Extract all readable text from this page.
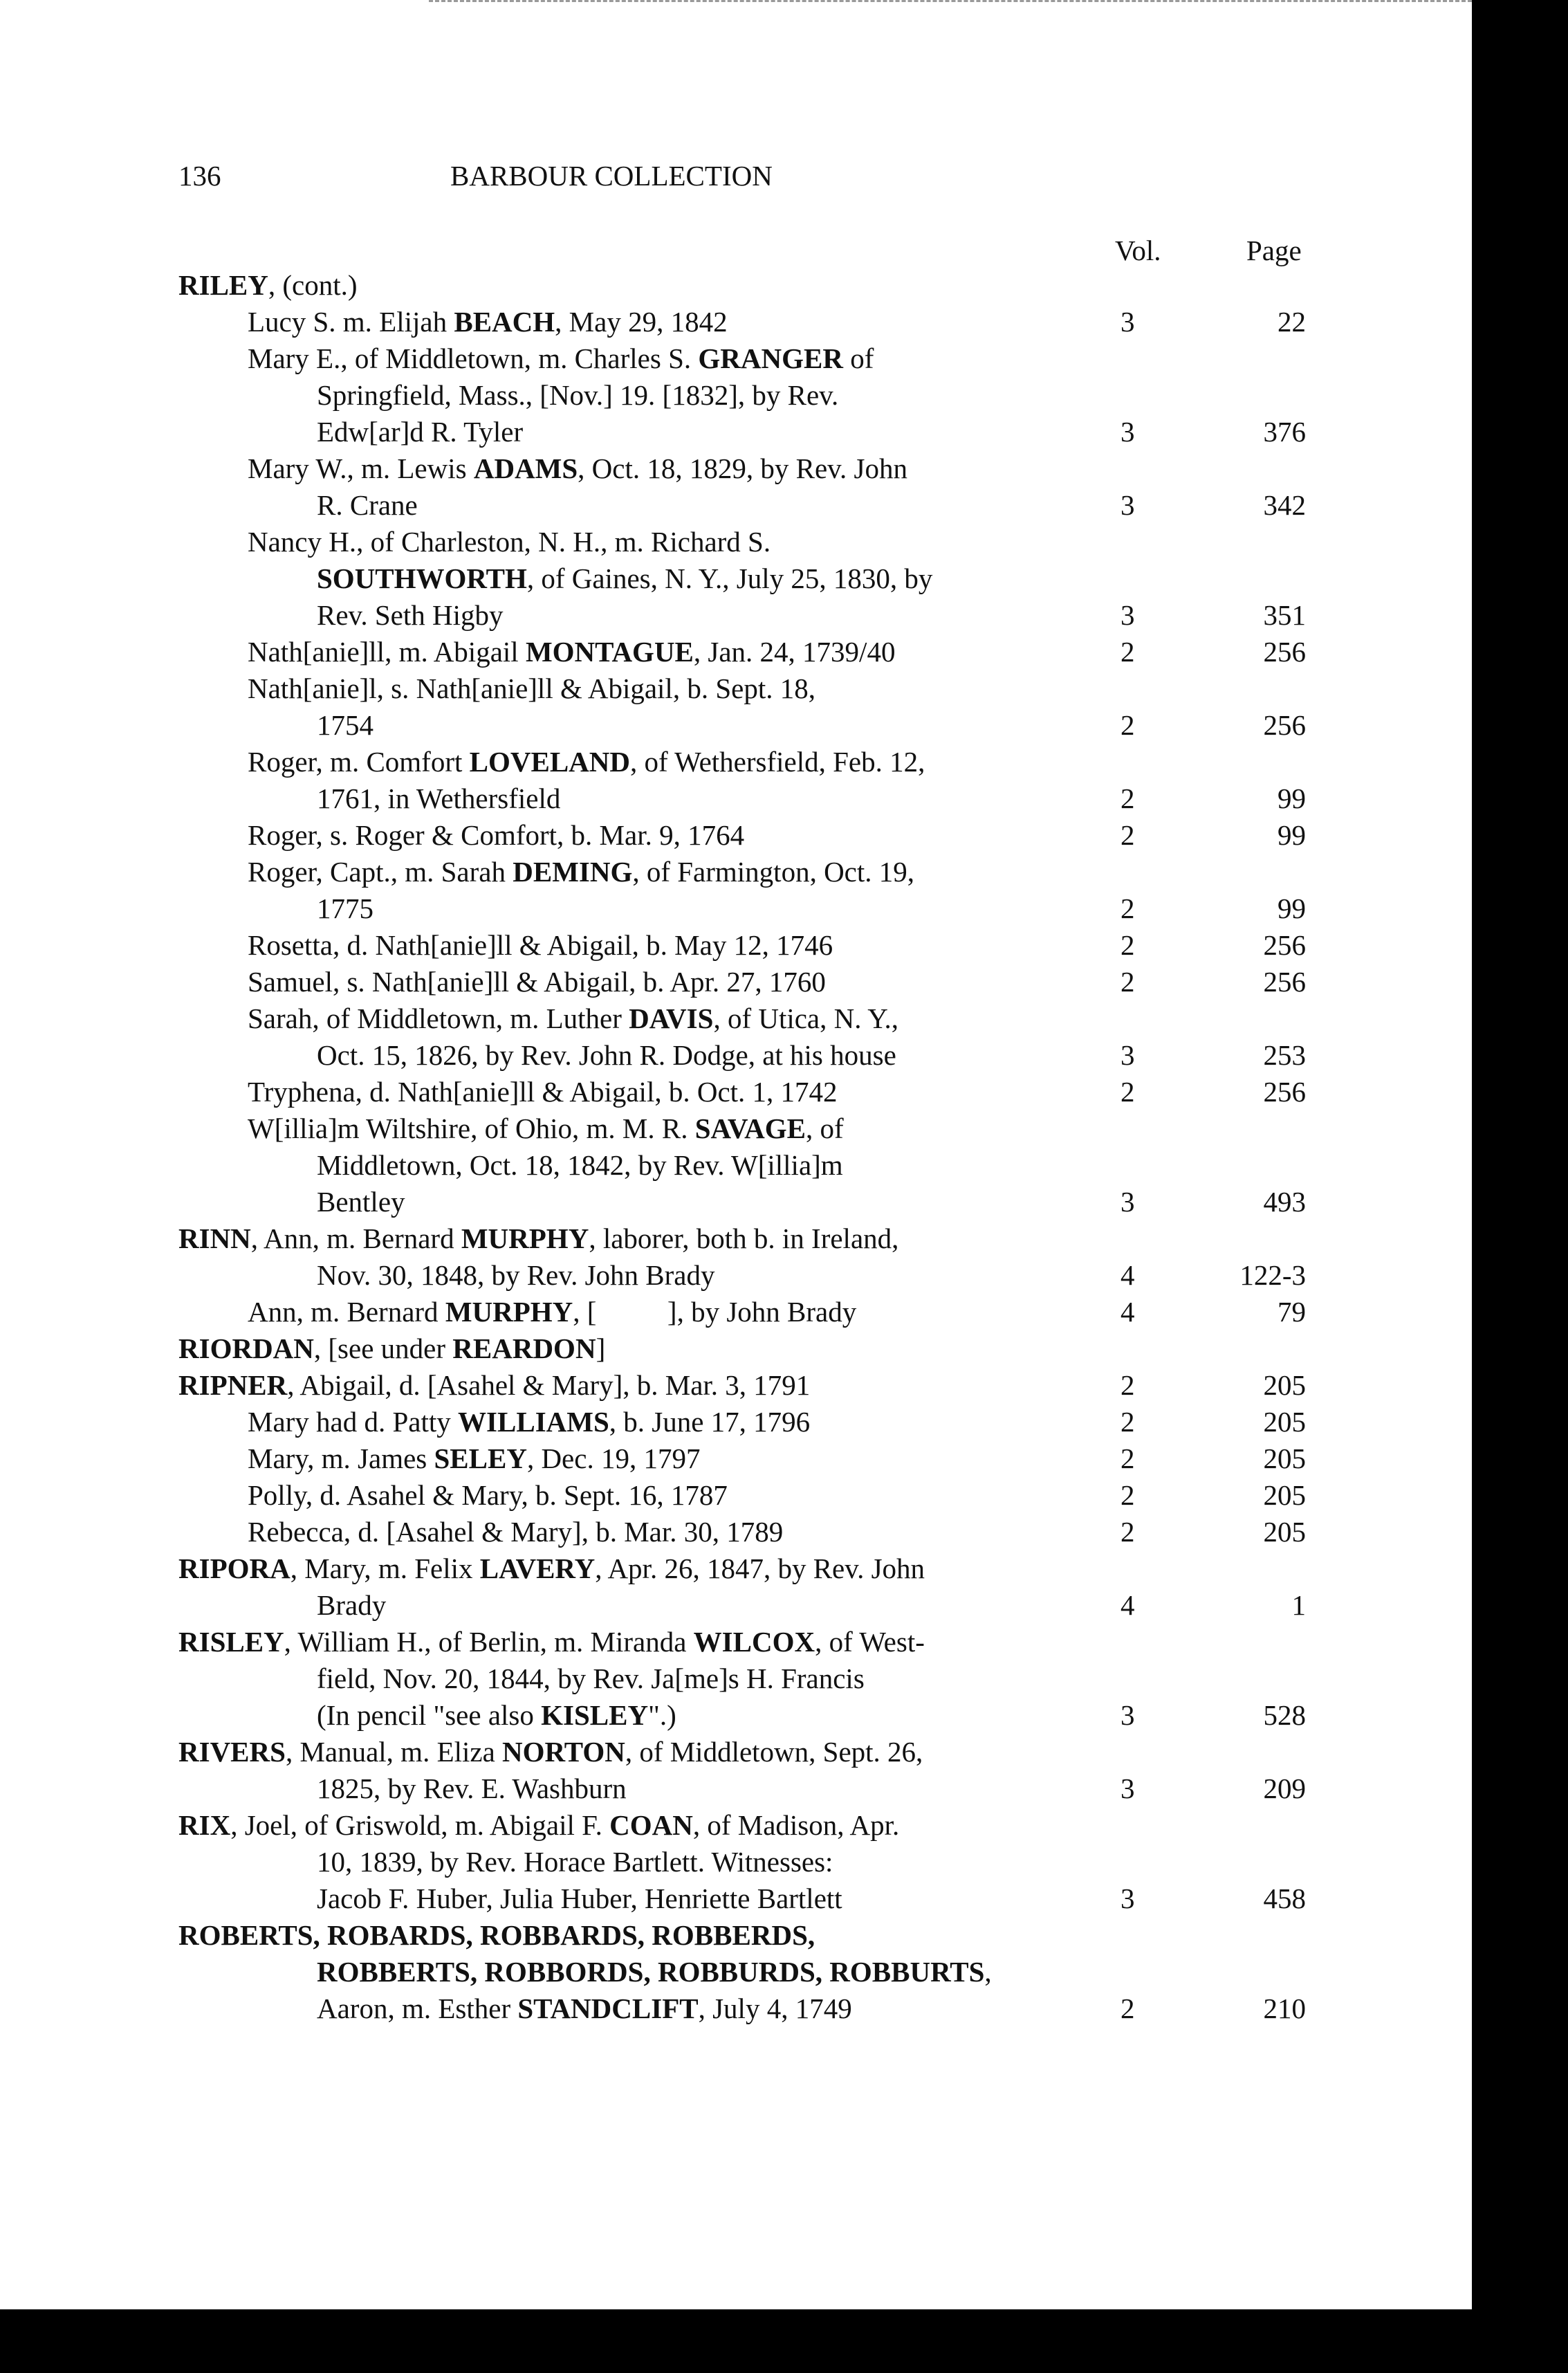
136	BARBOUR COLLECTION
Vol.	Page
RILEY, (cont.)
Lucy S. m. Elijah BEACH, May 29, 1842	3	22
Mary E., of Middletown, m. Charles S. GRANGER of
Springfield, Mass., [Nov.] 19. [1832], by Rev.
Edw[ar]d R. Tyler	3	376
Mary W., m. Lewis ADAMS, Oct. 18, 1829, by Rev. John
R. Crane	3	342
Nancy H., of Charleston, N. H., m. Richard S.
SOUTHWORTH, of Gaines, N. Y., July 25, 1830, by
Rev. Seth Higby	3	351
Nath[anie]ll, m. Abigail MONTAGUE, Jan. 24, 1739/40	2	256
Nath[anie]l, s. Nath[anie]ll & Abigail, b. Sept. 18,
1754	2	256
Roger, m. Comfort LOVELAND, of Wethersfield, Feb. 12,
1761, in Wethersfield	2	99
Roger, s. Roger & Comfort, b. Mar. 9, 1764	2	99
Roger, Capt., m. Sarah DEMING, of Farmington, Oct. 19,
1775	2	99
Rosetta, d. Nath[anie]ll & Abigail, b. May 12, 1746	2	256
Samuel, s. Nath[anie]ll & Abigail, b. Apr. 27, 1760	2	256
Sarah, of Middletown, m. Luther DAVIS, of Utica, N. Y.,
Oct. 15, 1826, by Rev. John R. Dodge, at his house	3	253
Tryphena, d. Nath[anie]ll & Abigail, b. Oct. 1, 1742	2	256
W[illia]m Wiltshire, of Ohio, m. M. R. SAVAGE, of
Middletown, Oct. 18, 1842, by Rev. W[illia]m
Bentley	3	493
RINN, Ann, m. Bernard MURPHY, laborer, both b. in Ireland,
Nov. 30, 1848, by Rev. John Brady	4	122-3
Ann, m. Bernard MURPHY, [          ], by John Brady	4	79
RIORDAN, [see under REARDON]
RIPNER, Abigail, d. [Asahel & Mary], b. Mar. 3, 1791	2	205
Mary had d. Patty WILLIAMS, b. June 17, 1796	2	205
Mary, m. James SELEY, Dec. 19, 1797	2	205
Polly, d. Asahel & Mary, b. Sept. 16, 1787	2	205
Rebecca, d. [Asahel & Mary], b. Mar. 30, 1789	2	205
RIPORA, Mary, m. Felix LAVERY, Apr. 26, 1847, by Rev. John
Brady	4	1
RISLEY, William H., of Berlin, m. Miranda WILCOX, of West-
field, Nov. 20, 1844, by Rev. Ja[me]s H. Francis
(In pencil "see also KISLEY".)	3	528
RIVERS, Manual, m. Eliza NORTON, of Middletown, Sept. 26,
1825, by Rev. E. Washburn	3	209
RIX, Joel, of Griswold, m. Abigail F. COAN, of Madison, Apr.
10, 1839, by Rev. Horace Bartlett. Witnesses:
Jacob F. Huber, Julia Huber, Henriette Bartlett	3	458
ROBERTS, ROBARDS, ROBBARDS, ROBBERDS,
ROBBERTS, ROBBORDS, ROBBURDS, ROBBURTS,
Aaron, m. Esther STANDCLIFT, July 4, 1749	2	210
